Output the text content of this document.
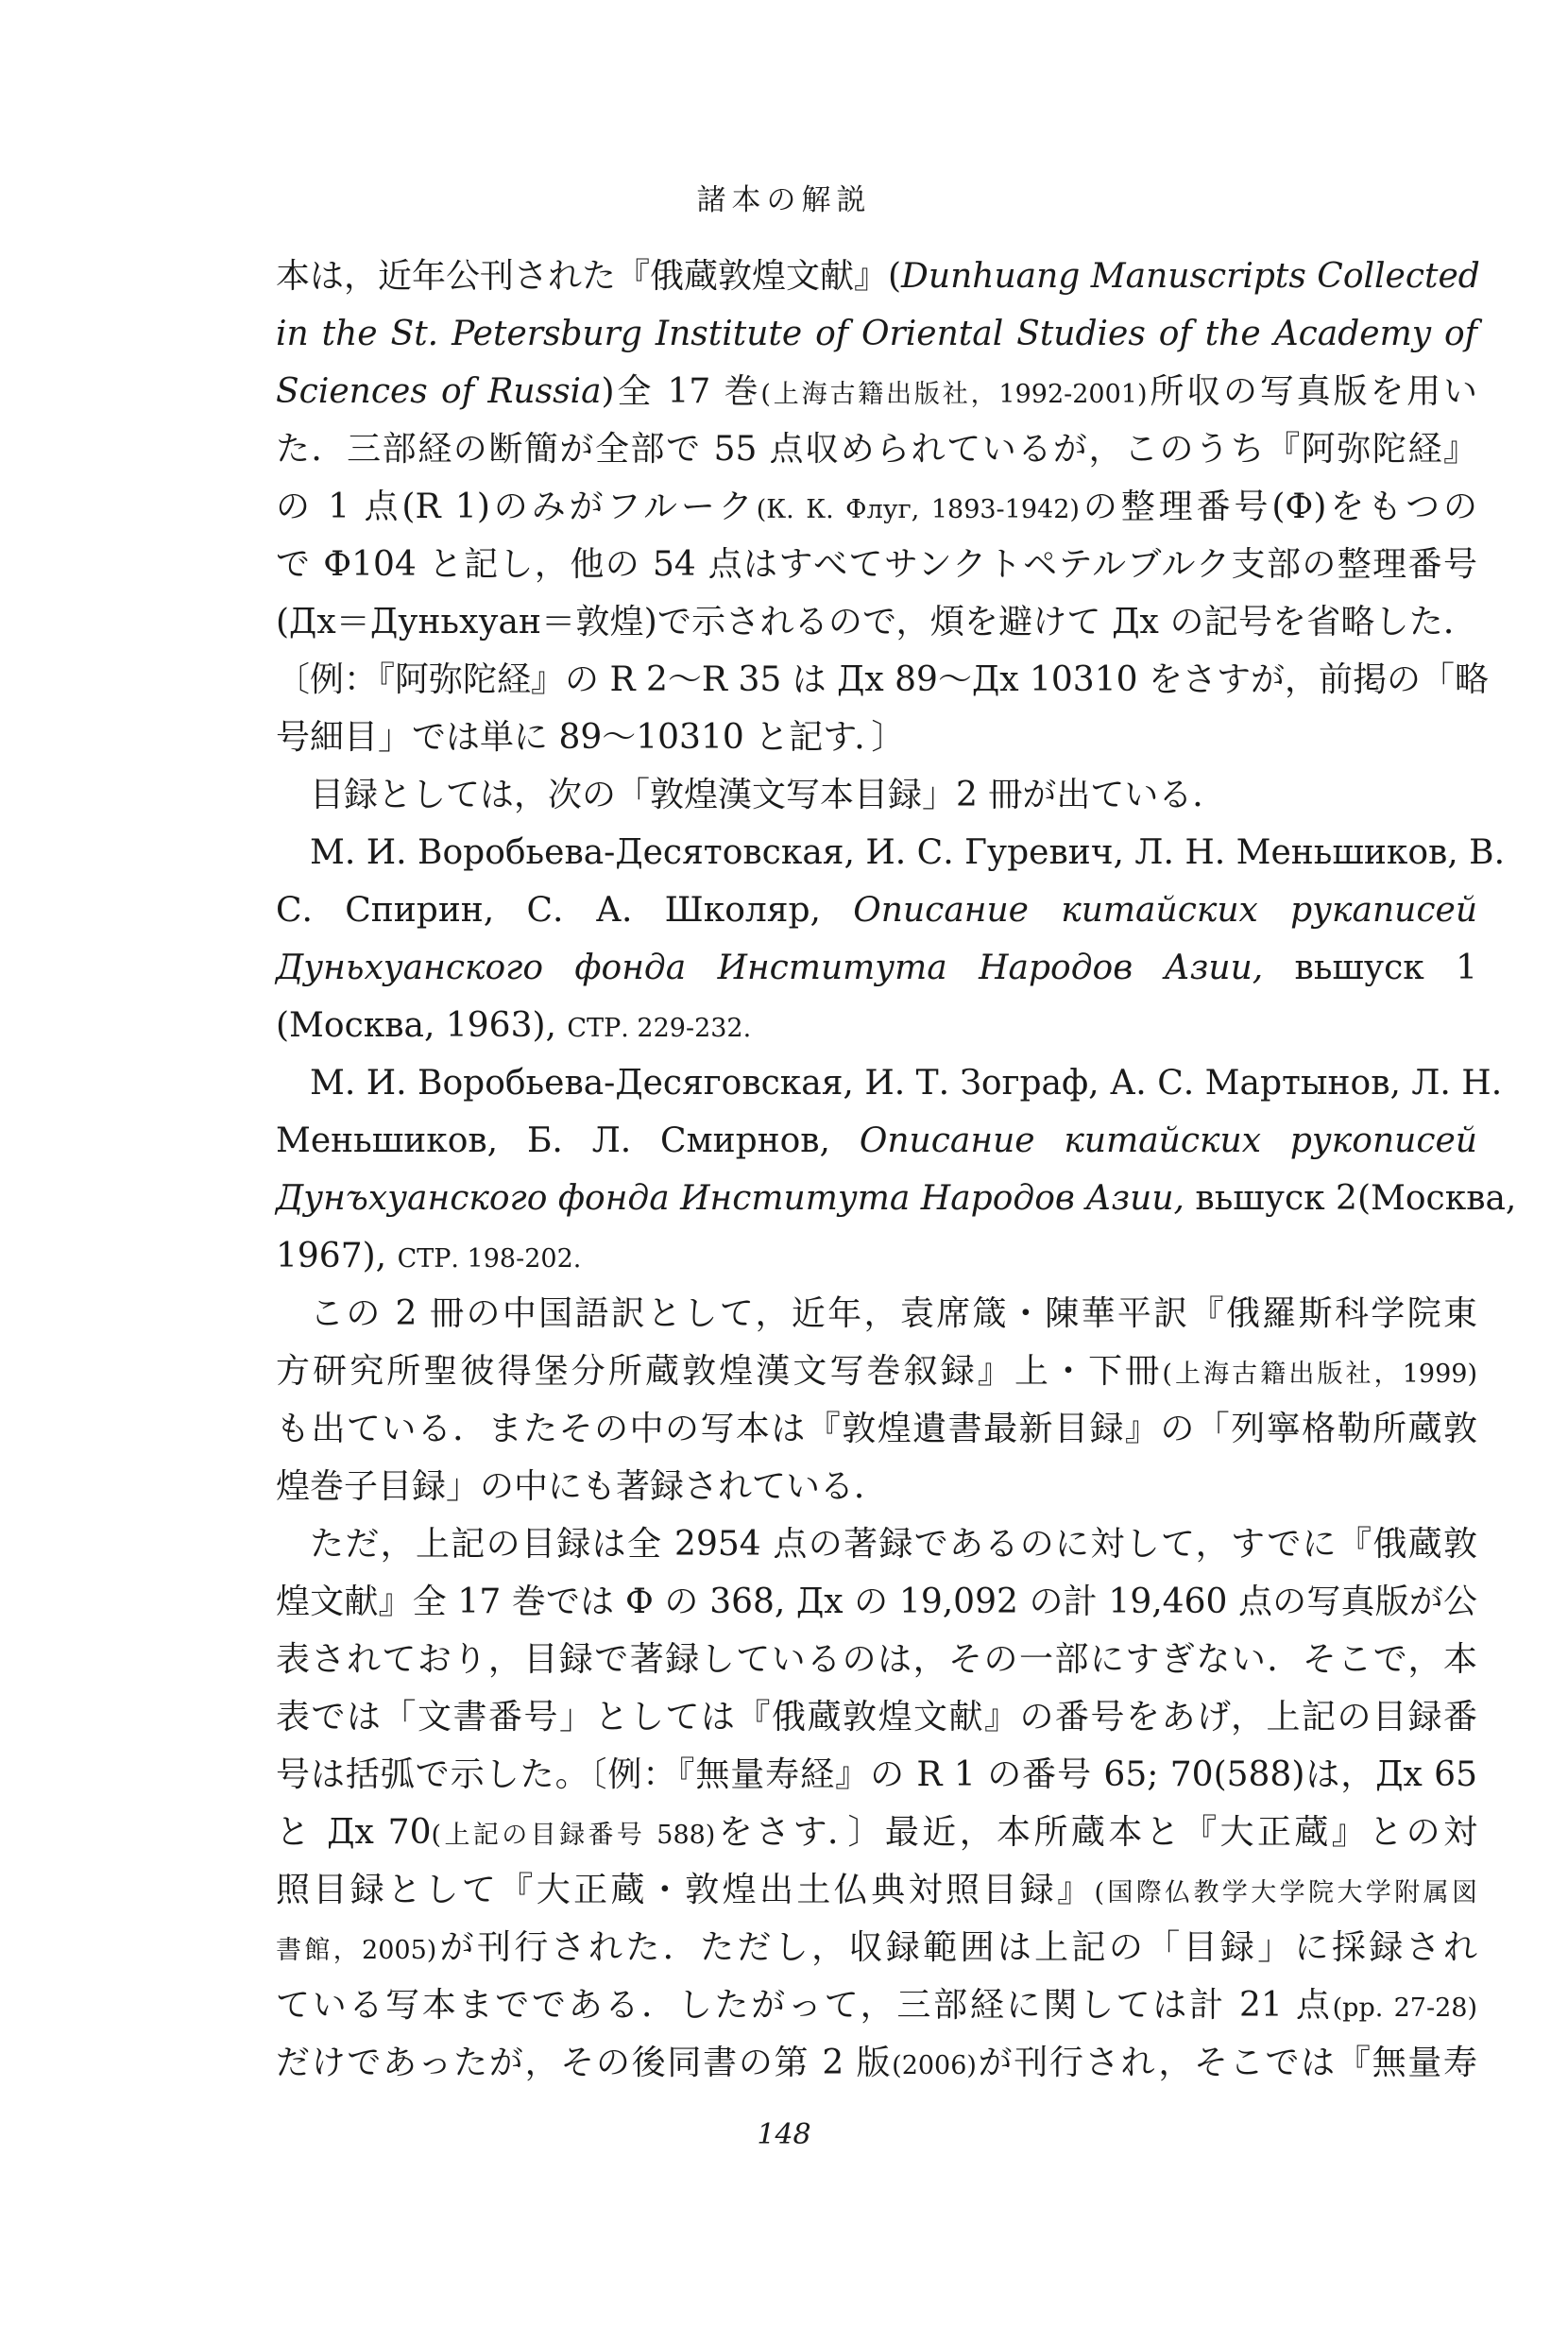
諸本の解説
本は，近年公刊された『俄蔵敦煌文献』(Dunhuang Manuscripts Collected
in the St. Petersburg Institute of Oriental Studies of the Academy of
Sciences of Russia)全 17 巻(上海古籍出版社，1992-2001)所収の写真版を用い
た．三部経の断簡が全部で 55 点収められているが，このうち『阿弥陀経』
の 1 点(R 1)のみがフルーク(К. К. Флуг, 1893-1942)の整理番号(Ф)をもつの
で Ф104 と記し，他の 54 点はすべてサンクトペテルブルク支部の整理番号
(Дх＝Дуньхуан＝敦煌)で示されるので，煩を避けて Дх の記号を省略した．
〔例：『阿弥陀経』の R 2～R 35 は Дх 89～Дх 10310 をさすが，前掲の「略
号細目」では単に 89～10310 と記す．〕
目録としては，次の「敦煌漢文写本目録」2 冊が出ている．
М. И. Воробьева-Десятовская, И. С. Гуревич, Л. Н. Меньшиков, В.
С. Спирин, С. А. Школяр, Описание китайских рукаписей
Дуньхуанского фонда Института Народов Азии, вьшуск 1
(Москва, 1963), СТР. 229-232.
М. И. Воробьева-Десяговская, И. Т. Зограф, А. С. Мартынов, Л. Н.
Меньшиков, Б. Л. Смирнов, Описание китайских рукописей
Дунъхуанского фонда Института Народов Азии, вьшуск 2(Москва,
1967), СТР. 198-202.
この 2 冊の中国語訳として，近年，袁席箴・陳華平訳『俄羅斯科学院東
方研究所聖彼得堡分所蔵敦煌漢文写巻叙録』上・下冊(上海古籍出版社，1999)
も出ている．またその中の写本は『敦煌遺書最新目録』の「列寧格勒所蔵敦
煌巻子目録」の中にも著録されている．
ただ，上記の目録は全 2954 点の著録であるのに対して，すでに『俄蔵敦
煌文献』全 17 巻では Ф の 368, Дх の 19,092 の計 19,460 点の写真版が公
表されており，目録で著録しているのは，その一部にすぎない．そこで，本
表では「文書番号」としては『俄蔵敦煌文献』の番号をあげ，上記の目録番
号は括弧で示した。〔例：『無量寿経』の R 1 の番号 65; 70(588)は，Дх 65
と Дх 70(上記の目録番号 588)をさす．〕最近，本所蔵本と『大正蔵』との対
照目録として『大正蔵・敦煌出土仏典対照目録』(国際仏教学大学院大学附属図
書館，2005)が刊行された．ただし，収録範囲は上記の「目録」に採録され
ている写本までである．したがって，三部経に関しては計 21 点(pp. 27-28)
だけであったが，その後同書の第 2 版(2006)が刊行され，そこでは『無量寿
148
